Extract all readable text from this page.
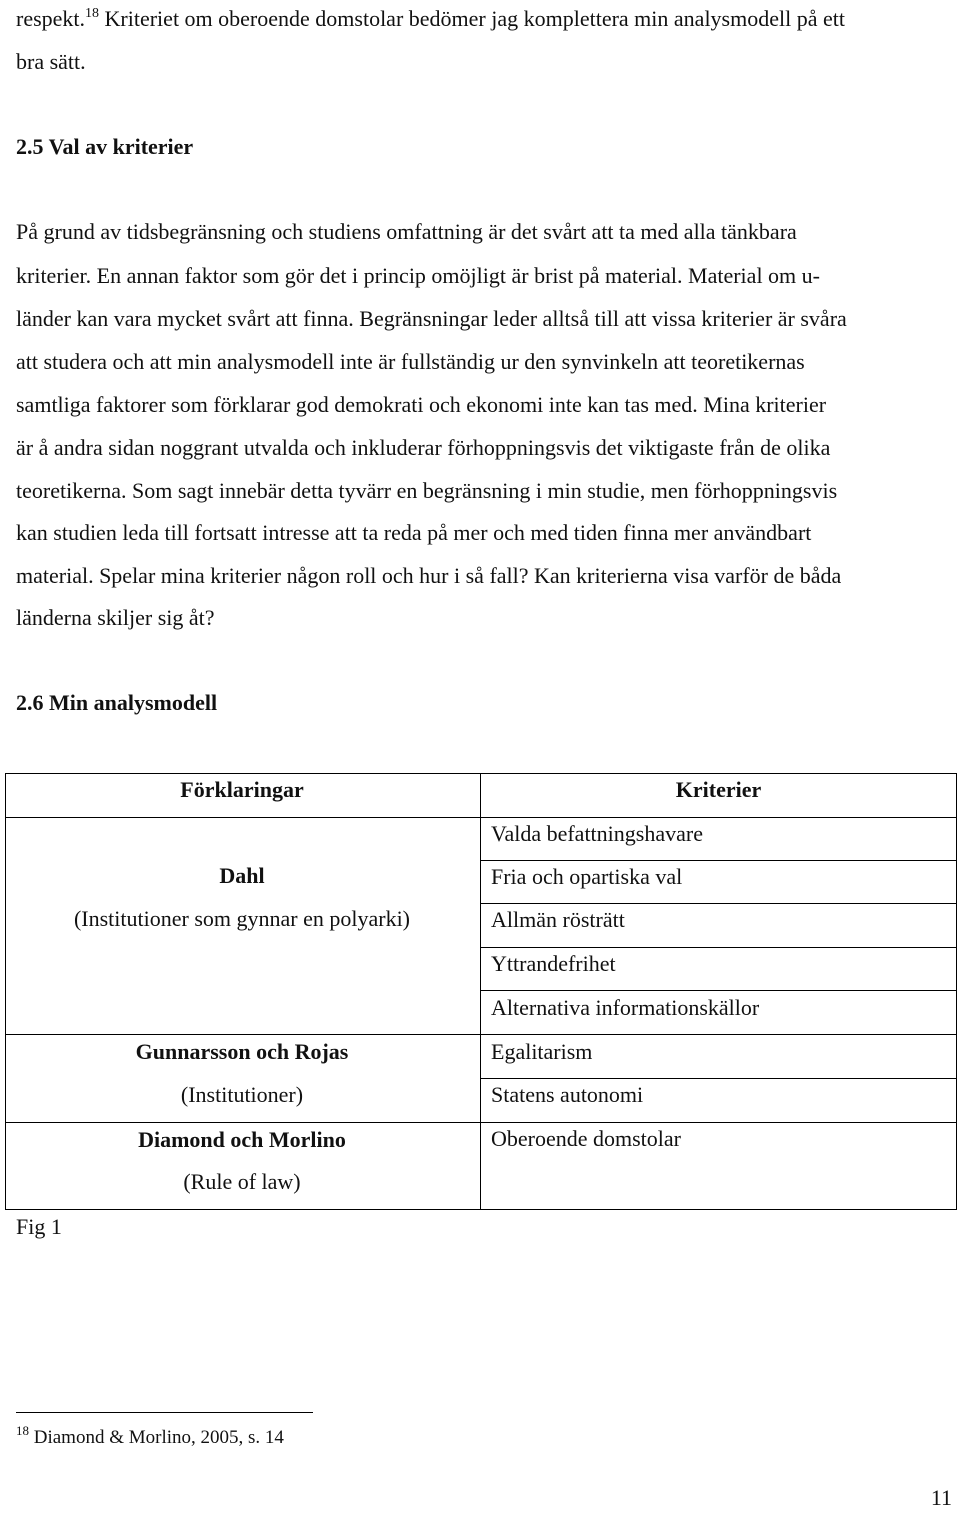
respekt.$^{18}$ Kriteriet om oberoende domstolar bedömer jag komplettera min analysmodell på ett
bra sätt.
2.5 Val av kriterier
På grund av tidsbegränsning och studiens omfattning är det svårt att ta med alla tänkbara
kriterier. En annan faktor som gör det i princip omöjligt är brist på material. Material om u-
länder kan vara mycket svårt att finna. Begränsningar leder alltså till att vissa kriterier är svåra
att studera och att min analysmodell inte är fullständig ur den synvinkeln att teoretikernas
samtliga faktorer som förklarar god demokrati och ekonomi inte kan tas med. Mina kriterier
är å andra sidan noggrant utvalda och inkluderar förhoppningsvis det viktigaste från de olika
teoretikerna. Som sagt innebär detta tyvärr en begränsning i min studie, men förhoppningsvis
kan studien leda till fortsatt intresse att ta reda på mer och med tiden finna mer användbart
material. Spelar mina kriterier någon roll och hur i så fall? Kan kriterierna visa varför de båda
länderna skiljer sig åt?
2.6 Min analysmodell
Förklaringar	Kriterier
Dahl
(Institutioner som gynnar en polyarki)
Gunnarsson och Rojas
(Institutioner)
Diamond och Morlino
(Rule of law)
Valda befattningshavare
Fria och opartiska val
Allmän rösträtt
Yttrandefrihet
Alternativa informationskällor
Egalitarism
Statens autonomi
Oberoende domstolar
Fig 1
$^{18}$ Diamond & Morlino, 2005, s. 14
11
